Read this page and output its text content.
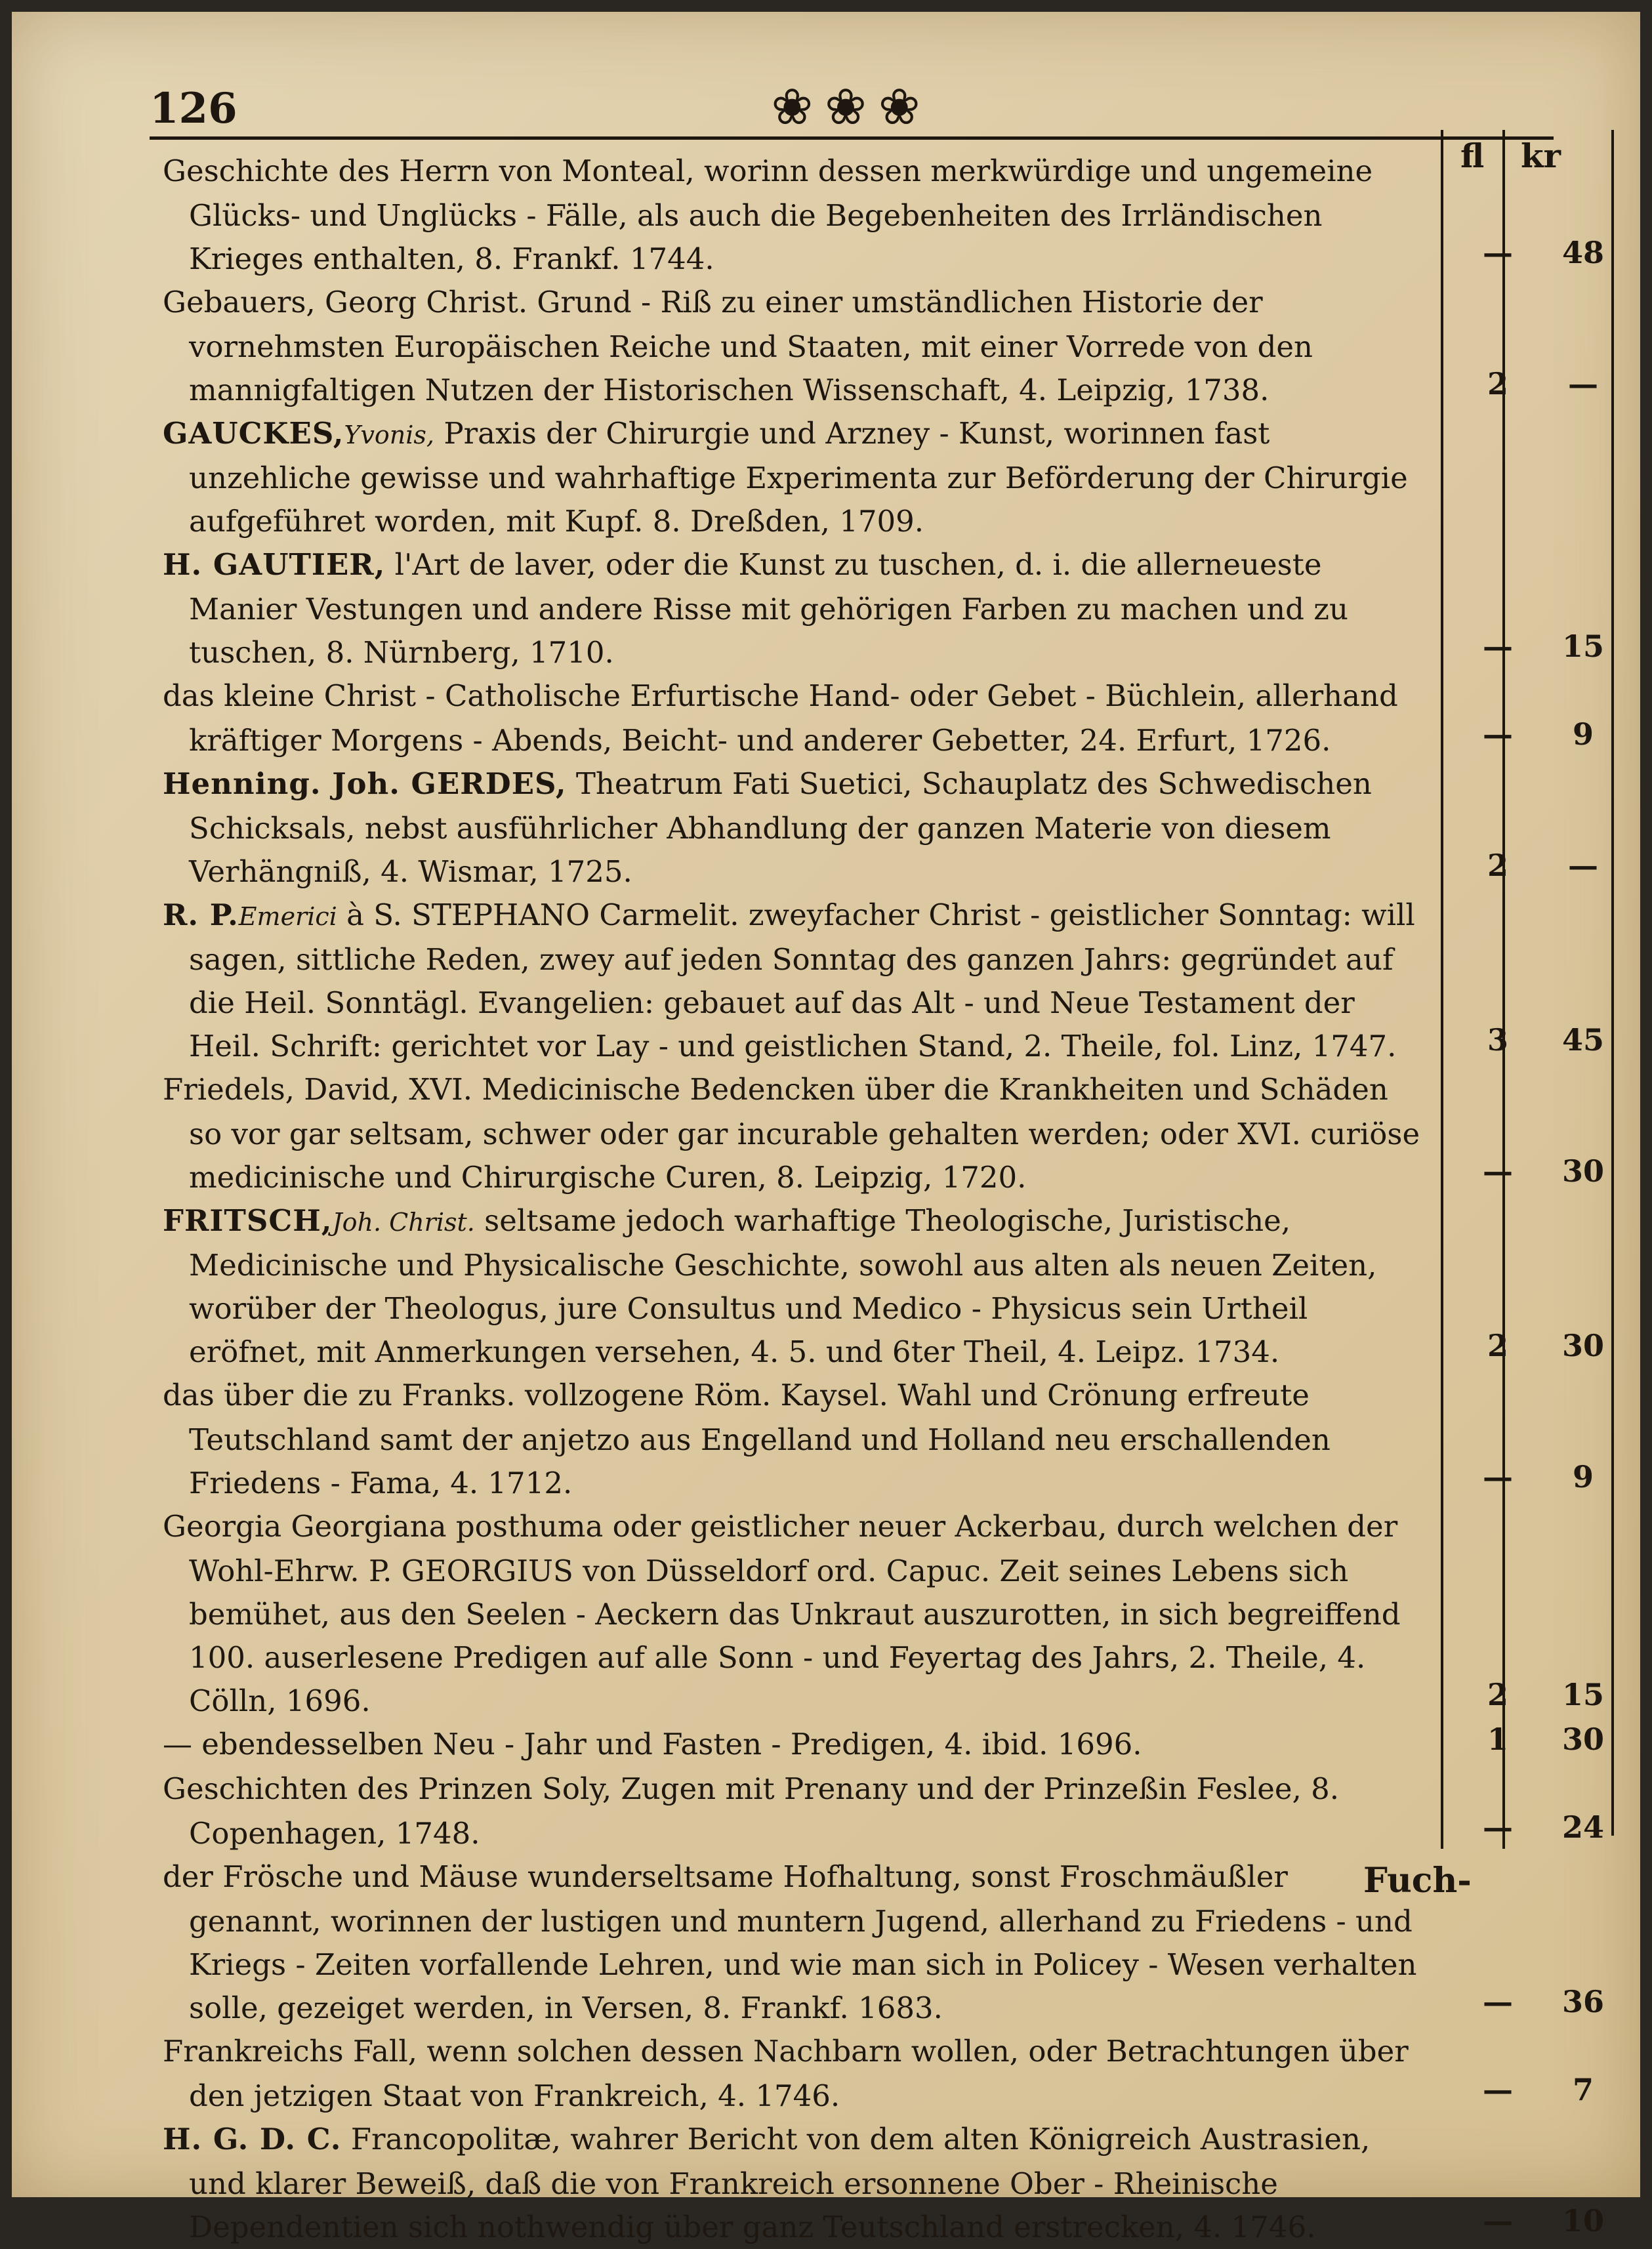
126	❀❀❀
fl kr
Geschichte des Herrn von Monteal, worinn dessen merkwürdige und ungemeine Glücks- und Unglücks - Fälle, als auch die Begebenheiten des Irrländischen Krieges enthalten, 8. Frankf. 1744.	— 48
Gebauers, Georg Christ. Grund - Riß zu einer umständlichen Historie der vornehmsten Europäischen Reiche und Staaten, mit einer Vorrede von den mannigfaltigen Nutzen der Historischen Wissenschaft, 4. Leipzig, 1738.	2 —
GAUCKES,Yvonis, Praxis der Chirurgie und Arzney - Kunst, worinnen fast unzehliche gewisse und wahrhaftige Experimenta zur Beförderung der Chirurgie aufgeführet worden, mit Kupf. 8. Dreßden, 1709.
H. GAUTIER, l'Art de laver, oder die Kunst zu tuschen, d. i. die allerneueste Manier Vestungen und andere Risse mit gehörigen Farben zu machen und zu tuschen, 8. Nürnberg, 1710.	— 15
das kleine Christ - Catholische Erfurtische Hand- oder Gebet - Büchlein, allerhand kräftiger Morgens - Abends, Beicht- und anderer Gebetter, 24. Erfurt, 1726.	— 9
Henning. Joh. GERDES, Theatrum Fati Suetici, Schauplatz des Schwedischen Schicksals, nebst ausführlicher Abhandlung der ganzen Materie von diesem Verhängniß, 4. Wismar, 1725.	2 —
R. P.Emerici à S. STEPHANO Carmelit. zweyfacher Christ - geistlicher Sonntag: will sagen, sittliche Reden, zwey auf jeden Sonntag des ganzen Jahrs: gegründet auf die Heil. Sonntägl. Evangelien: gebauet auf das Alt - und Neue Testament der Heil. Schrift: gerichtet vor Lay - und geistlichen Stand, 2. Theile, fol. Linz, 1747.	3 45
Friedels, David, XVI. Medicinische Bedencken über die Krankheiten und Schäden so vor gar seltsam, schwer oder gar incurable gehalten werden; oder XVI. curiöse medicinische und Chirurgische Curen, 8. Leipzig, 1720.	— 30
FRITSCH,Joh. Christ. seltsame jedoch warhaftige Theologische, Juristische, Medicinische und Physicalische Geschichte, sowohl aus alten als neuen Zeiten, worüber der Theologus, jure Consultus und Medico - Physicus sein Urtheil eröfnet, mit Anmerkungen versehen, 4. 5. und 6ter Theil, 4. Leipz. 1734.	2 30
das über die zu Franks. vollzogene Röm. Kaysel. Wahl und Crönung erfreute Teutschland samt der anjetzo aus Engelland und Holland neu erschallenden Friedens - Fama, 4. 1712.	— 9
Georgia Georgiana posthuma oder geistlicher neuer Ackerbau, durch welchen der Wohl-Ehrw. P. GEORGIUS von Düsseldorf ord. Capuc. Zeit seines Lebens sich bemühet, aus den Seelen - Aeckern das Unkraut auszurotten, in sich begreiffend 100. auserlesene Predigen auf alle Sonn - und Feyertag des Jahrs, 2. Theile, 4. Cölln, 1696.	2 15
— ebendesselben Neu - Jahr und Fasten - Predigen, 4. ibid. 1696.	1 30
Geschichten des Prinzen Soly, Zugen mit Prenany und der Prinzeßin Feslee, 8. Copenhagen, 1748.	— 24
der Frösche und Mäuse wunderseltsame Hofhaltung, sonst Froschmäußler genannt, worinnen der lustigen und muntern Jugend, allerhand zu Friedens - und Kriegs - Zeiten vorfallende Lehren, und wie man sich in Policey - Wesen verhalten solle, gezeiget werden, in Versen, 8. Frankf. 1683.	— 36
Frankreichs Fall, wenn solchen dessen Nachbarn wollen, oder Betrachtungen über den jetzigen Staat von Frankreich, 4. 1746.	— 7
H. G. D. C. Francopolitæ, wahrer Bericht von dem alten Königreich Austrasien, und klarer Beweiß, daß die von Frankreich ersonnene Ober - Rheinische Dependentien sich nothwendig über ganz Teutschland erstrecken, 4. 1746.	— 10
Fuch-
